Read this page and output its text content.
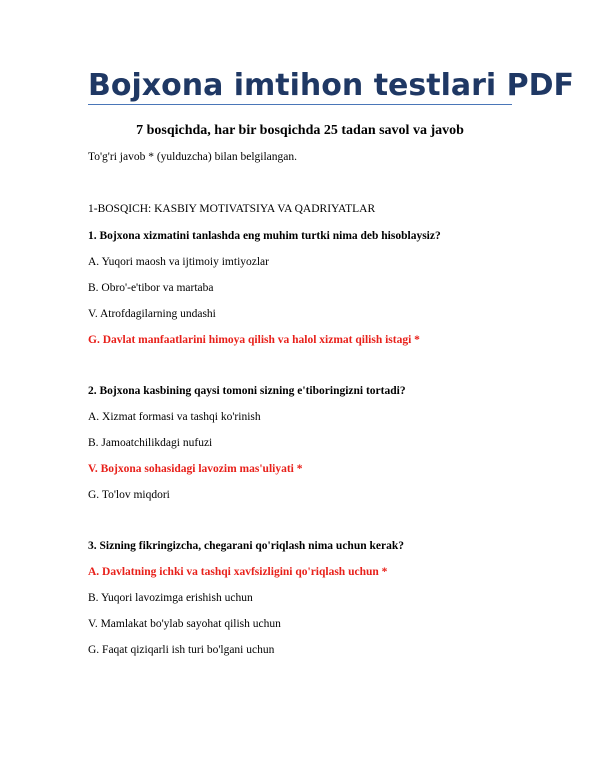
Bojxona imtihon testlari PDF
7 bosqichda, har bir bosqichda 25 tadan savol va javob
To'g'ri javob * (yulduzcha) bilan belgilangan.
1-BOSQICH: KASBIY MOTIVATSIYA VA QADRIYATLAR
1. Bojxona xizmatini tanlashda eng muhim turtki nima deb hisoblaysiz?
A. Yuqori maosh va ijtimoiy imtiyozlar
B. Obro'-e'tibor va martaba
V. Atrofdagilarning undashi
G. Davlat manfaatlarini himoya qilish va halol xizmat qilish istagi *
2. Bojxona kasbining qaysi tomoni sizning e'tiboringizni tortadi?
A. Xizmat formasi va tashqi ko'rinish
B. Jamoatchilikdagi nufuzi
V. Bojxona sohasidagi lavozim mas'uliyati *
G. To'lov miqdori
3. Sizning fikringizcha, chegarani qo'riqlash nima uchun kerak?
A. Davlatning ichki va tashqi xavfsizligini qo'riqlash uchun *
B. Yuqori lavozimga erishish uchun
V. Mamlakat bo'ylab sayohat qilish uchun
G. Faqat qiziqarli ish turi bo'lgani uchun
